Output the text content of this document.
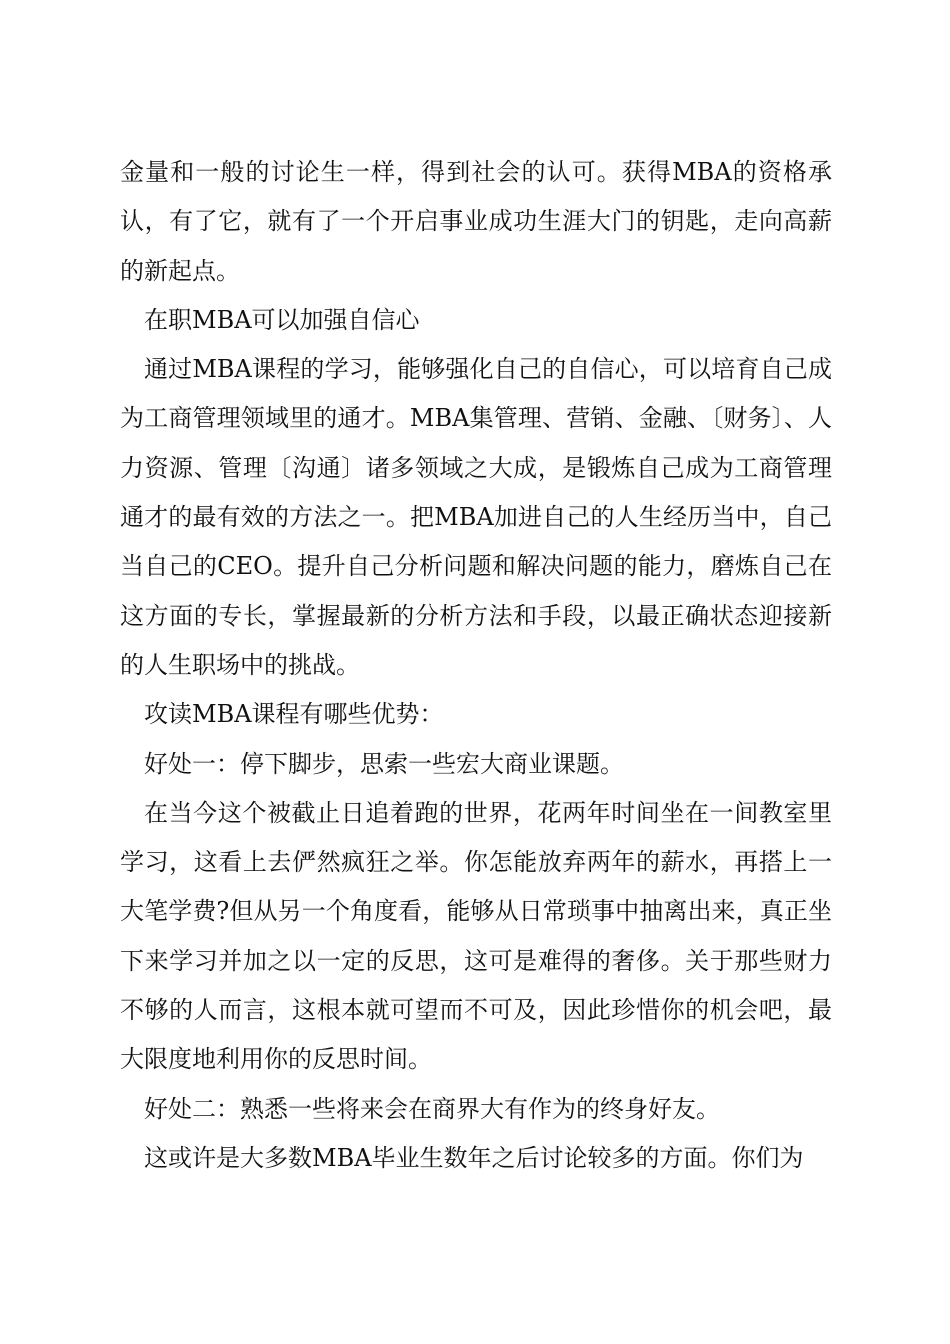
金量和一般的讨论生一样，得到社会的认可。获得MBA的资格承认，有了它，就有了一个开启事业成功生涯大门的钥匙，走向高薪的新起点。

在职MBA可以加强自信心

通过MBA课程的学习，能够强化自己的自信心，可以培育自己成为工商管理领域里的通才。MBA集管理、营销、金融、〔财务〕、人力资源、管理〔沟通〕诸多领域之大成，是锻炼自己成为工商管理通才的最有效的方法之一。把MBA加进自己的人生经历当中，自己当自己的CEO。提升自己分析问题和解决问题的能力，磨炼自己在这方面的专长，掌握最新的分析方法和手段，以最正确状态迎接新的人生职场中的挑战。

攻读MBA课程有哪些优势：

好处一：停下脚步，思索一些宏大商业课题。

在当今这个被截止日追着跑的世界，花两年时间坐在一间教室里学习，这看上去俨然疯狂之举。你怎能放弃两年的薪水，再搭上一大笔学费?但从另一个角度看，能够从日常琐事中抽离出来，真正坐下来学习并加之以一定的反思，这可是难得的奢侈。关于那些财力不够的人而言，这根本就可望而不可及，因此珍惜你的机会吧，最大限度地利用你的反思时间。

好处二：熟悉一些将来会在商界大有作为的终身好友。

这或许是大多数MBA毕业生数年之后讨论较多的方面。你们为
